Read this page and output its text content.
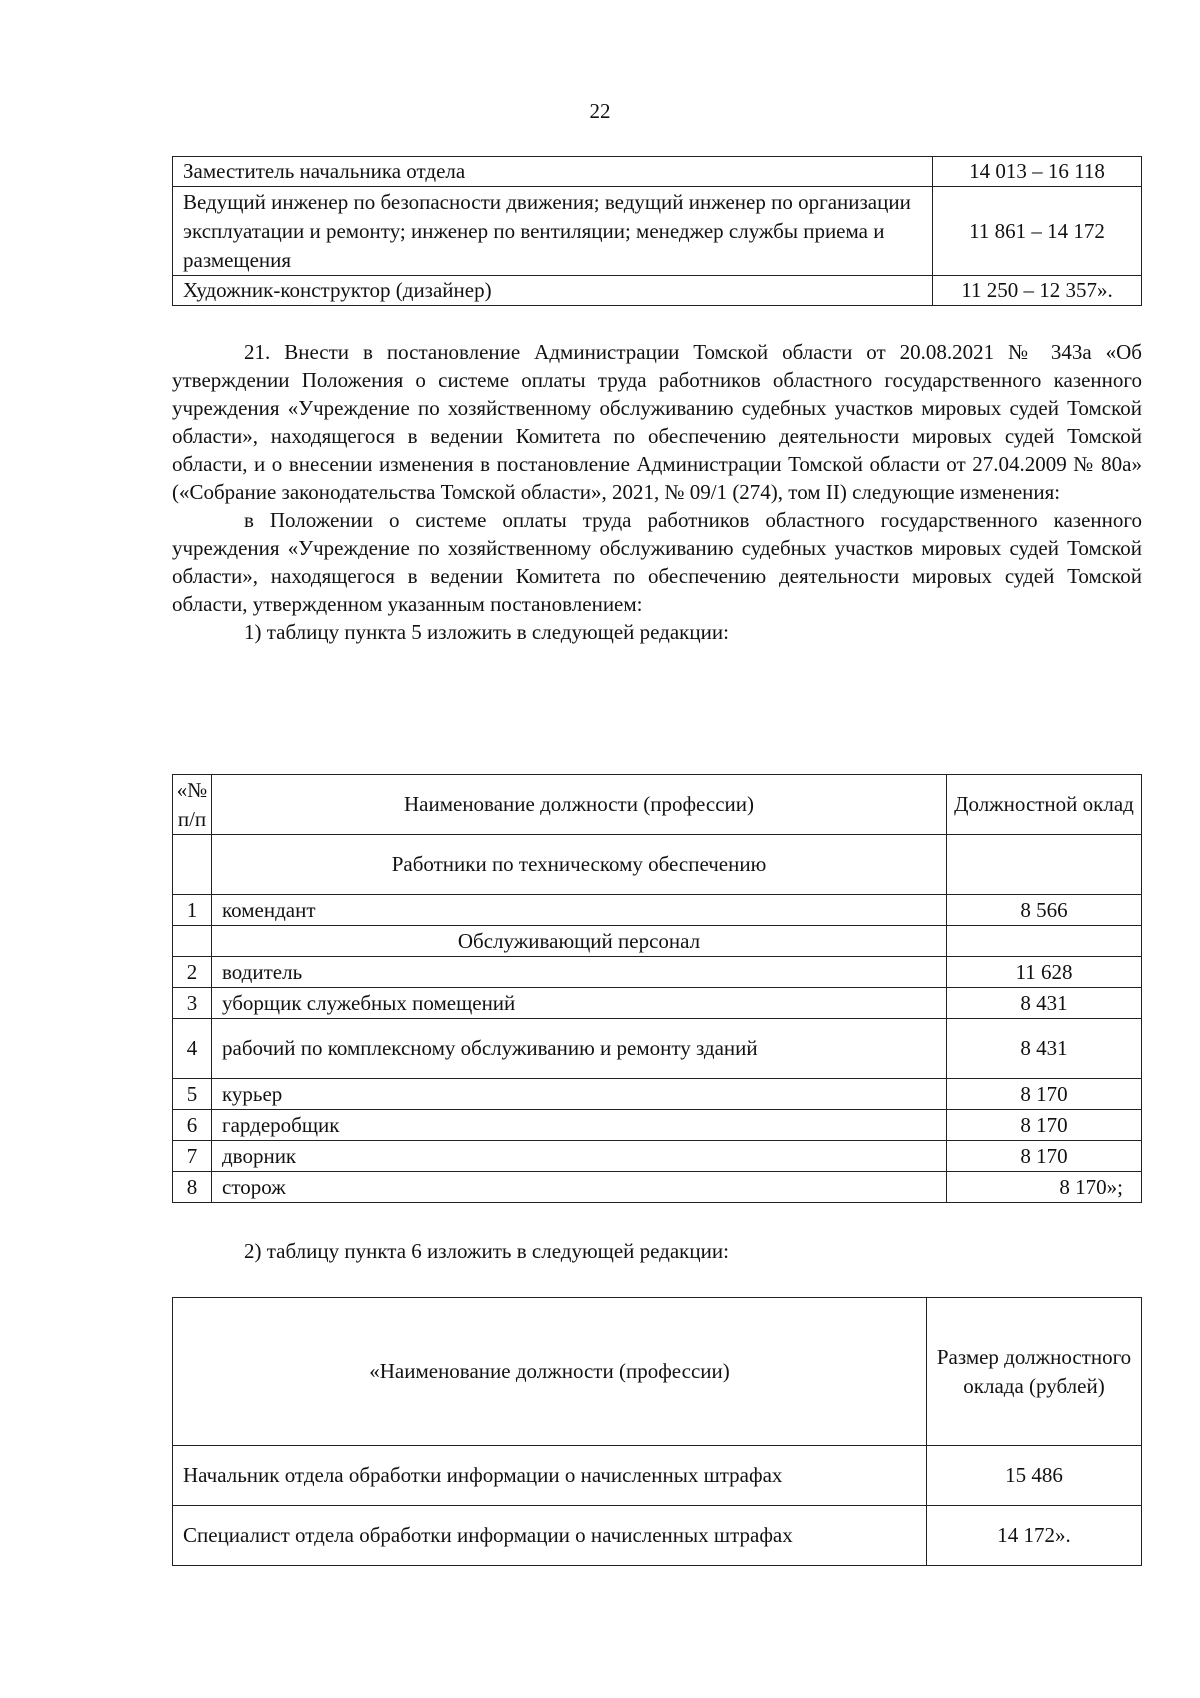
22
Заместитель начальника отдела	14 013 – 16 118
Ведущий инженер по безопасности движения; ведущий инженер по организации эксплуатации и ремонту; инженер по вентиляции; менеджер службы приема и размещения	11 861 – 14 172
Художник-конструктор (дизайнер)	11 250 – 12 357».

21. Внести в постановление Администрации Томской области от 20.08.2021 № 343а «Об утверждении Положения о системе оплаты труда работников областного государственного казенного учреждения «Учреждение по хозяйственному обслуживанию судебных участков мировых судей Томской области», находящегося в ведении Комитета по обеспечению деятельности мировых судей Томской области, и о внесении изменения в постановление Администрации Томской области от 27.04.2009 № 80а» («Собрание законодательства Томской области», 2021, № 09/1 (274), том II) следующие изменения:

в Положении о системе оплаты труда работников областного государственного казенного учреждения «Учреждение по хозяйственному обслуживанию судебных участков мировых судей Томской области», находящегося в ведении Комитета по обеспечению деятельности мировых судей Томской области, утвержденном указанным постановлением:

1) таблицу пункта 5 изложить в следующей редакции:

«№ п/п	Наименование должности (профессии)	Должностной оклад
	Работники по техническому обеспечению	
1	комендант	8 566
	Обслуживающий персонал	
2	водитель	11 628
3	уборщик служебных помещений	8 431
4	рабочий по комплексному обслуживанию и ремонту зданий	8 431
5	курьер	8 170
6	гардеробщик	8 170
7	дворник	8 170
8	сторож	8 170»;

2) таблицу пункта 6 изложить в следующей редакции:

«Наименование должности (профессии)	Размер должностного оклада (рублей)
Начальник отдела обработки информации о начисленных штрафах	15 486
Специалист отдела обработки информации о начисленных штрафах	14 172».
